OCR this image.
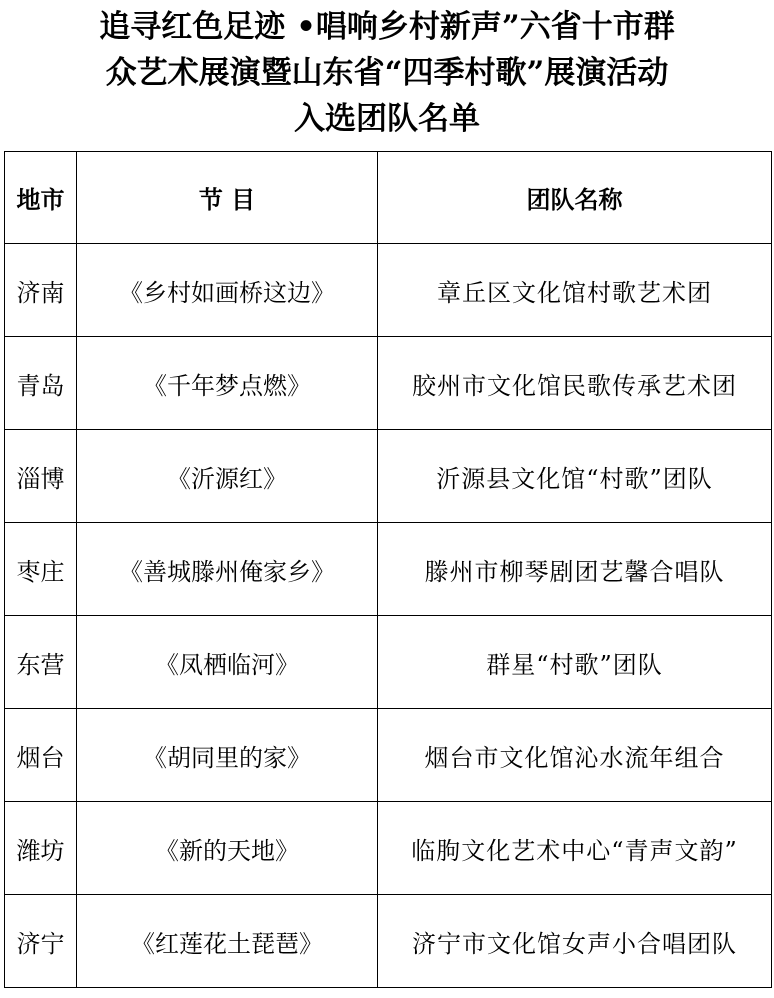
追寻红色足迹 •唱响乡村新声”六省十市群
众艺术展演暨山东省“四季村歌”展演活动
入选团队名单
地市	节 目	团队名称
济南	《乡村如画桥这边》	章丘区文化馆村歌艺术团
青岛	《千年梦点燃》	胶州市文化馆民歌传承艺术团
淄博	《沂源红》	沂源县文化馆“村歌”团队
枣庄	《善城滕州俺家乡》	滕州市柳琴剧团艺馨合唱队
东营	《凤栖临河》	群星“村歌”团队
烟台	《胡同里的家》	烟台市文化馆沁水流年组合
潍坊	《新的天地》	临朐文化艺术中心“青声文韵”
济宁	《红莲花土琵琶》	济宁市文化馆女声小合唱团队
